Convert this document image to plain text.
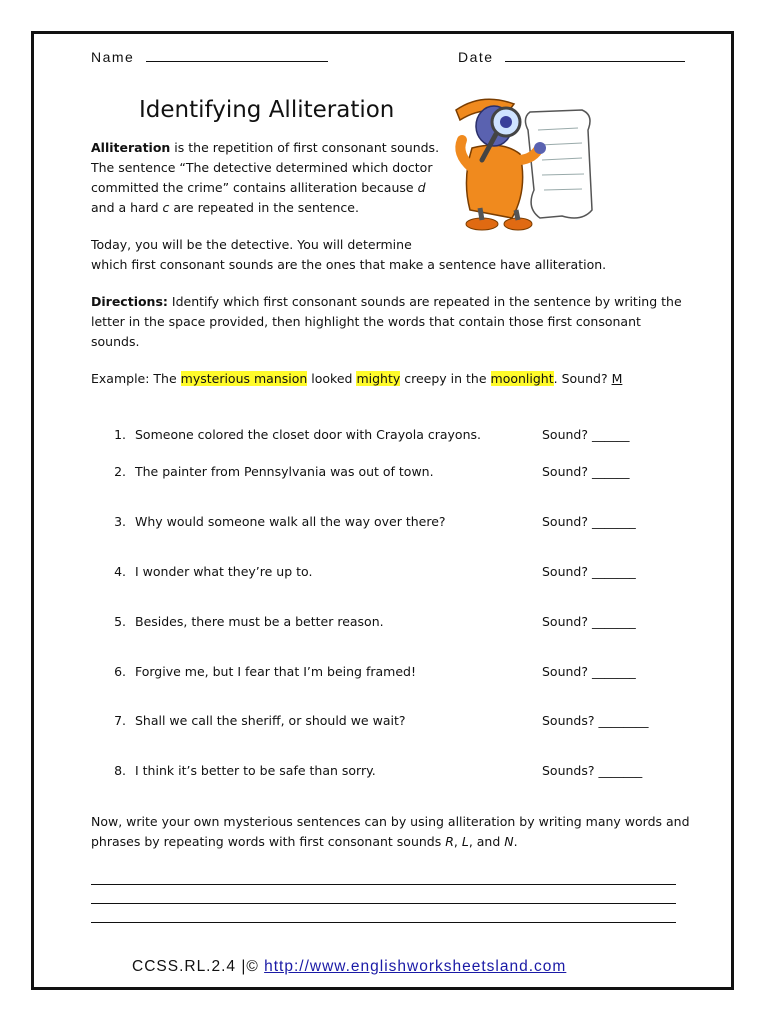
Name	Date
Identifying Alliteration
Alliteration is the repetition of first consonant sounds.
The sentence “The detective determined which doctor
committed the crime” contains alliteration because d
and a hard c are repeated in the sentence.
Today, you will be the detective. You will determine
which first consonant sounds are the ones that make a sentence have alliteration.
Directions: Identify which first consonant sounds are repeated in the sentence by writing the
letter in the space provided, then highlight the words that contain those first consonant
sounds.
Example: The mysterious mansion looked mighty creepy in the moonlight. Sound? M
1. Someone colored the closet door with Crayola crayons.	Sound? ______
2. The painter from Pennsylvania was out of town.	Sound? ______
3. Why would someone walk all the way over there?	Sound? _______
4. I wonder what they’re up to.	Sound? _______
5. Besides, there must be a better reason.	Sound? _______
6. Forgive me, but I fear that I’m being framed!	Sound? _______
7. Shall we call the sheriff, or should we wait?	Sounds? ________
8. I think it’s better to be safe than sorry.	Sounds? _______
Now, write your own mysterious sentences can by using alliteration by writing many words and
phrases by repeating words with first consonant sounds R, L, and N.
CCSS.RL.2.4 |© http://www.englishworksheetsland.com
